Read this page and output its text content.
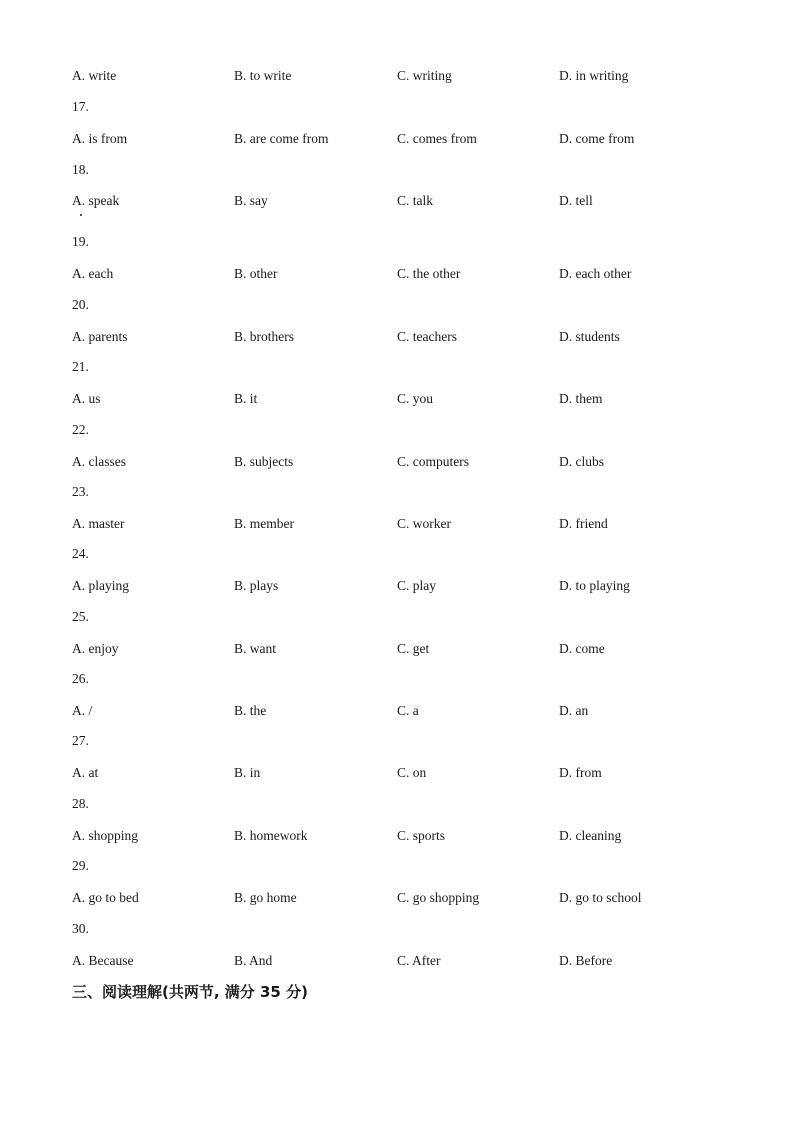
A. write	B. to write	C. writing	D. in writing
17.
A. is from	B. are come from	C. comes from	D. come from
18.
A. speak	B. say	C. talk	D. tell
19.
A. each	B. other	C. the other	D. each other
20.
A. parents	B. brothers	C. teachers	D. students
21.
A. us	B. it	C. you	D. them
22.
A. classes	B. subjects	C. computers	D. clubs
23.
A. master	B. member	C. worker	D. friend
24.
A. playing	B. plays	C. play	D. to playing
25.
A. enjoy	B. want	C. get	D. come
26.
A. /	B. the	C. a	D. an
27.
A. at	B. in	C. on	D. from
28.
A. shopping	B. homework	C. sports	D. cleaning
29.
A. go to bed	B. go home	C. go shopping	D. go to school
30.
A. Because	B. And	C. After	D. Before
三、阅读理解(共两节, 满分 35 分)
